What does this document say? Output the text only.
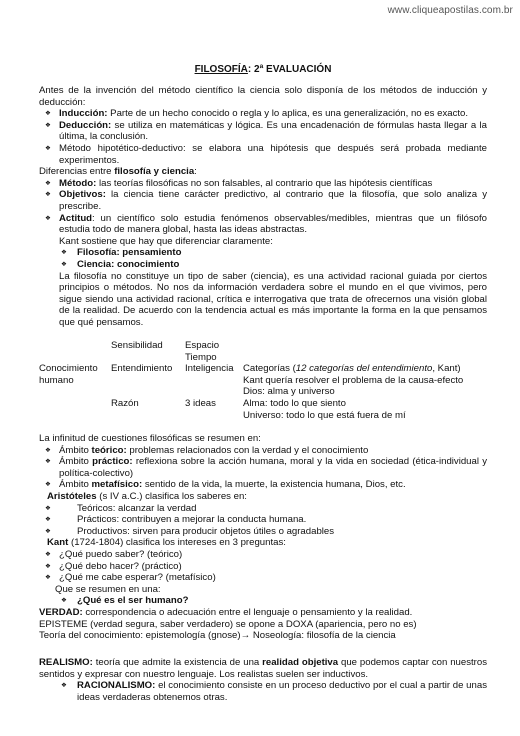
www.cliqueapostilas.com.br
FILOSOFÍA: 2ª EVALUACIÓN

Antes de la invención del método científico la ciencia solo disponía de los métodos de inducción y deducción:

❖ Inducción: Parte de un hecho conocido o regla y lo aplica, es una generalización, no es exacto.
❖ Deducción: se utiliza en matemáticas y lógica. Es una encadenación de fórmulas hasta llegar a la última, la conclusión.
❖ Método hipotético-deductivo: se elabora una hipótesis que después será probada mediante experimentos.

Diferencias entre filosofía y ciencia:

❖ Método: las teorías filosóficas no son falsables, al contrario que las hipótesis científicas
❖ Objetivos: la ciencia tiene carácter predictivo, al contrario que la filosofía, que solo analiza y prescribe.
❖ Actitud: un científico solo estudia fenómenos observables/medibles, mientras que un filósofo estudia todo de manera global, hasta las ideas abstractas.

Kant sostiene que hay que diferenciar claramente:

❖ Filosofía: pensamiento
❖ Ciencia: conocimiento

La filosofía no constituye un tipo de saber (ciencia), es una actividad racional guiada por ciertos principios o métodos. No nos da información verdadera sobre el mundo en el que vivimos, pero sigue siendo una actividad racional, crítica e interrogativa que trata de ofrecernos una visión global de la realidad. De acuerdo con la tendencia actual es más importante la forma en la que pensamos que qué pensamos.

	Sensibilidad	Espacio	
		Tiempo	
Conocimiento humano	Entendimiento	Inteligencia	Categorías (12 categorías del entendimiento, Kant)
Kant quería resolver el problema de la causa-efecto
Dios: alma y universo

	Razón	3 ideas	Alma: todo lo que siento
Universo: todo lo que está fuera de mí

La infinitud de cuestiones filosóficas se resumen en:

❖ Ámbito teórico: problemas relacionados con la verdad y el conocimiento
❖ Ámbito práctico: reflexiona sobre la acción humana, moral y la vida en sociedad (ética-individual y política-colectivo)
❖ Ámbito metafísico: sentido de la vida, la muerte, la existencia humana, Dios, etc.

Aristóteles (s IV a.C.) clasifica los saberes en:

❖ Teóricos: alcanzar la verdad
❖ Prácticos: contribuyen a mejorar la conducta humana.
❖ Productivos: sirven para producir objetos útiles o agradables

Kant (1724-1804) clasifica los intereses en 3 preguntas:

❖ ¿Qué puedo saber? (teórico)
❖ ¿Qué debo hacer? (práctico)
❖ ¿Qué me cabe esperar? (metafísico)

Que se resumen en una:

❖ ¿Qué es el ser humano?

VERDAD: correspondencia o adecuación entre el lenguaje o pensamiento y la realidad.

EPISTEME (verdad segura, saber verdadero) se opone a DOXA (apariencia, pero no es)

Teoría del conocimiento: epistemología (gnose)→ Noseología: filosofía de la ciencia

REALISMO: teoría que admite la existencia de una realidad objetiva que podemos captar con nuestros sentidos y expresar con nuestro lenguaje. Los realistas suelen ser inductivos.

❖ RACIONALISMO: el conocimiento consiste en un proceso deductivo por el cual a partir de unas ideas verdaderas obtenemos otras.
